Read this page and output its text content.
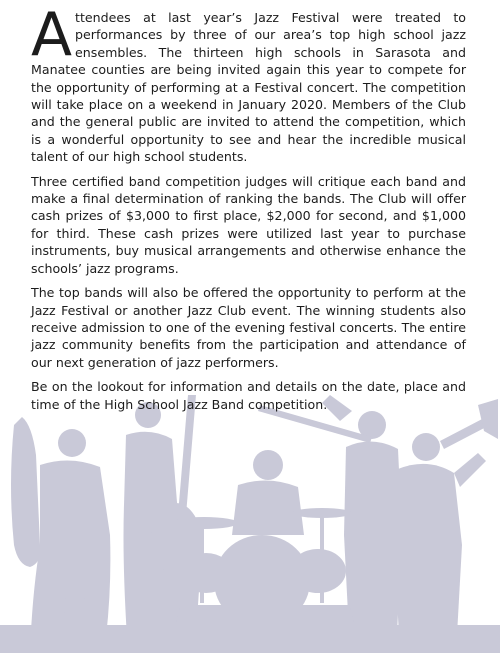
Attendees at last year’s Jazz Festival were treated to performances by three of our area’s top high school jazz ensembles. The thirteen high schools in Sarasota and Manatee counties are being invited again this year to compete for the opportunity of performing at a Festival concert. The competition will take place on a weekend in January 2020. Members of the Club and the general public are invited to attend the competition, which is a wonderful opportunity to see and hear the incredible musical talent of our high school students.

Three certified band competition judges will critique each band and make a final determination of ranking the bands. The Club will offer cash prizes of $3,000 to first place, $2,000 for second, and $1,000 for third. These cash prizes were utilized last year to purchase instruments, buy musical arrangements and otherwise enhance the schools’ jazz programs.

The top bands will also be offered the opportunity to perform at the Jazz Festival or another Jazz Club event. The winning students also receive admission to one of the evening festival concerts. The entire jazz community benefits from the participation and attendance of our next generation of jazz performers.

Be on the lookout for information and details on the date, place and time of the High School Jazz Band competition.
